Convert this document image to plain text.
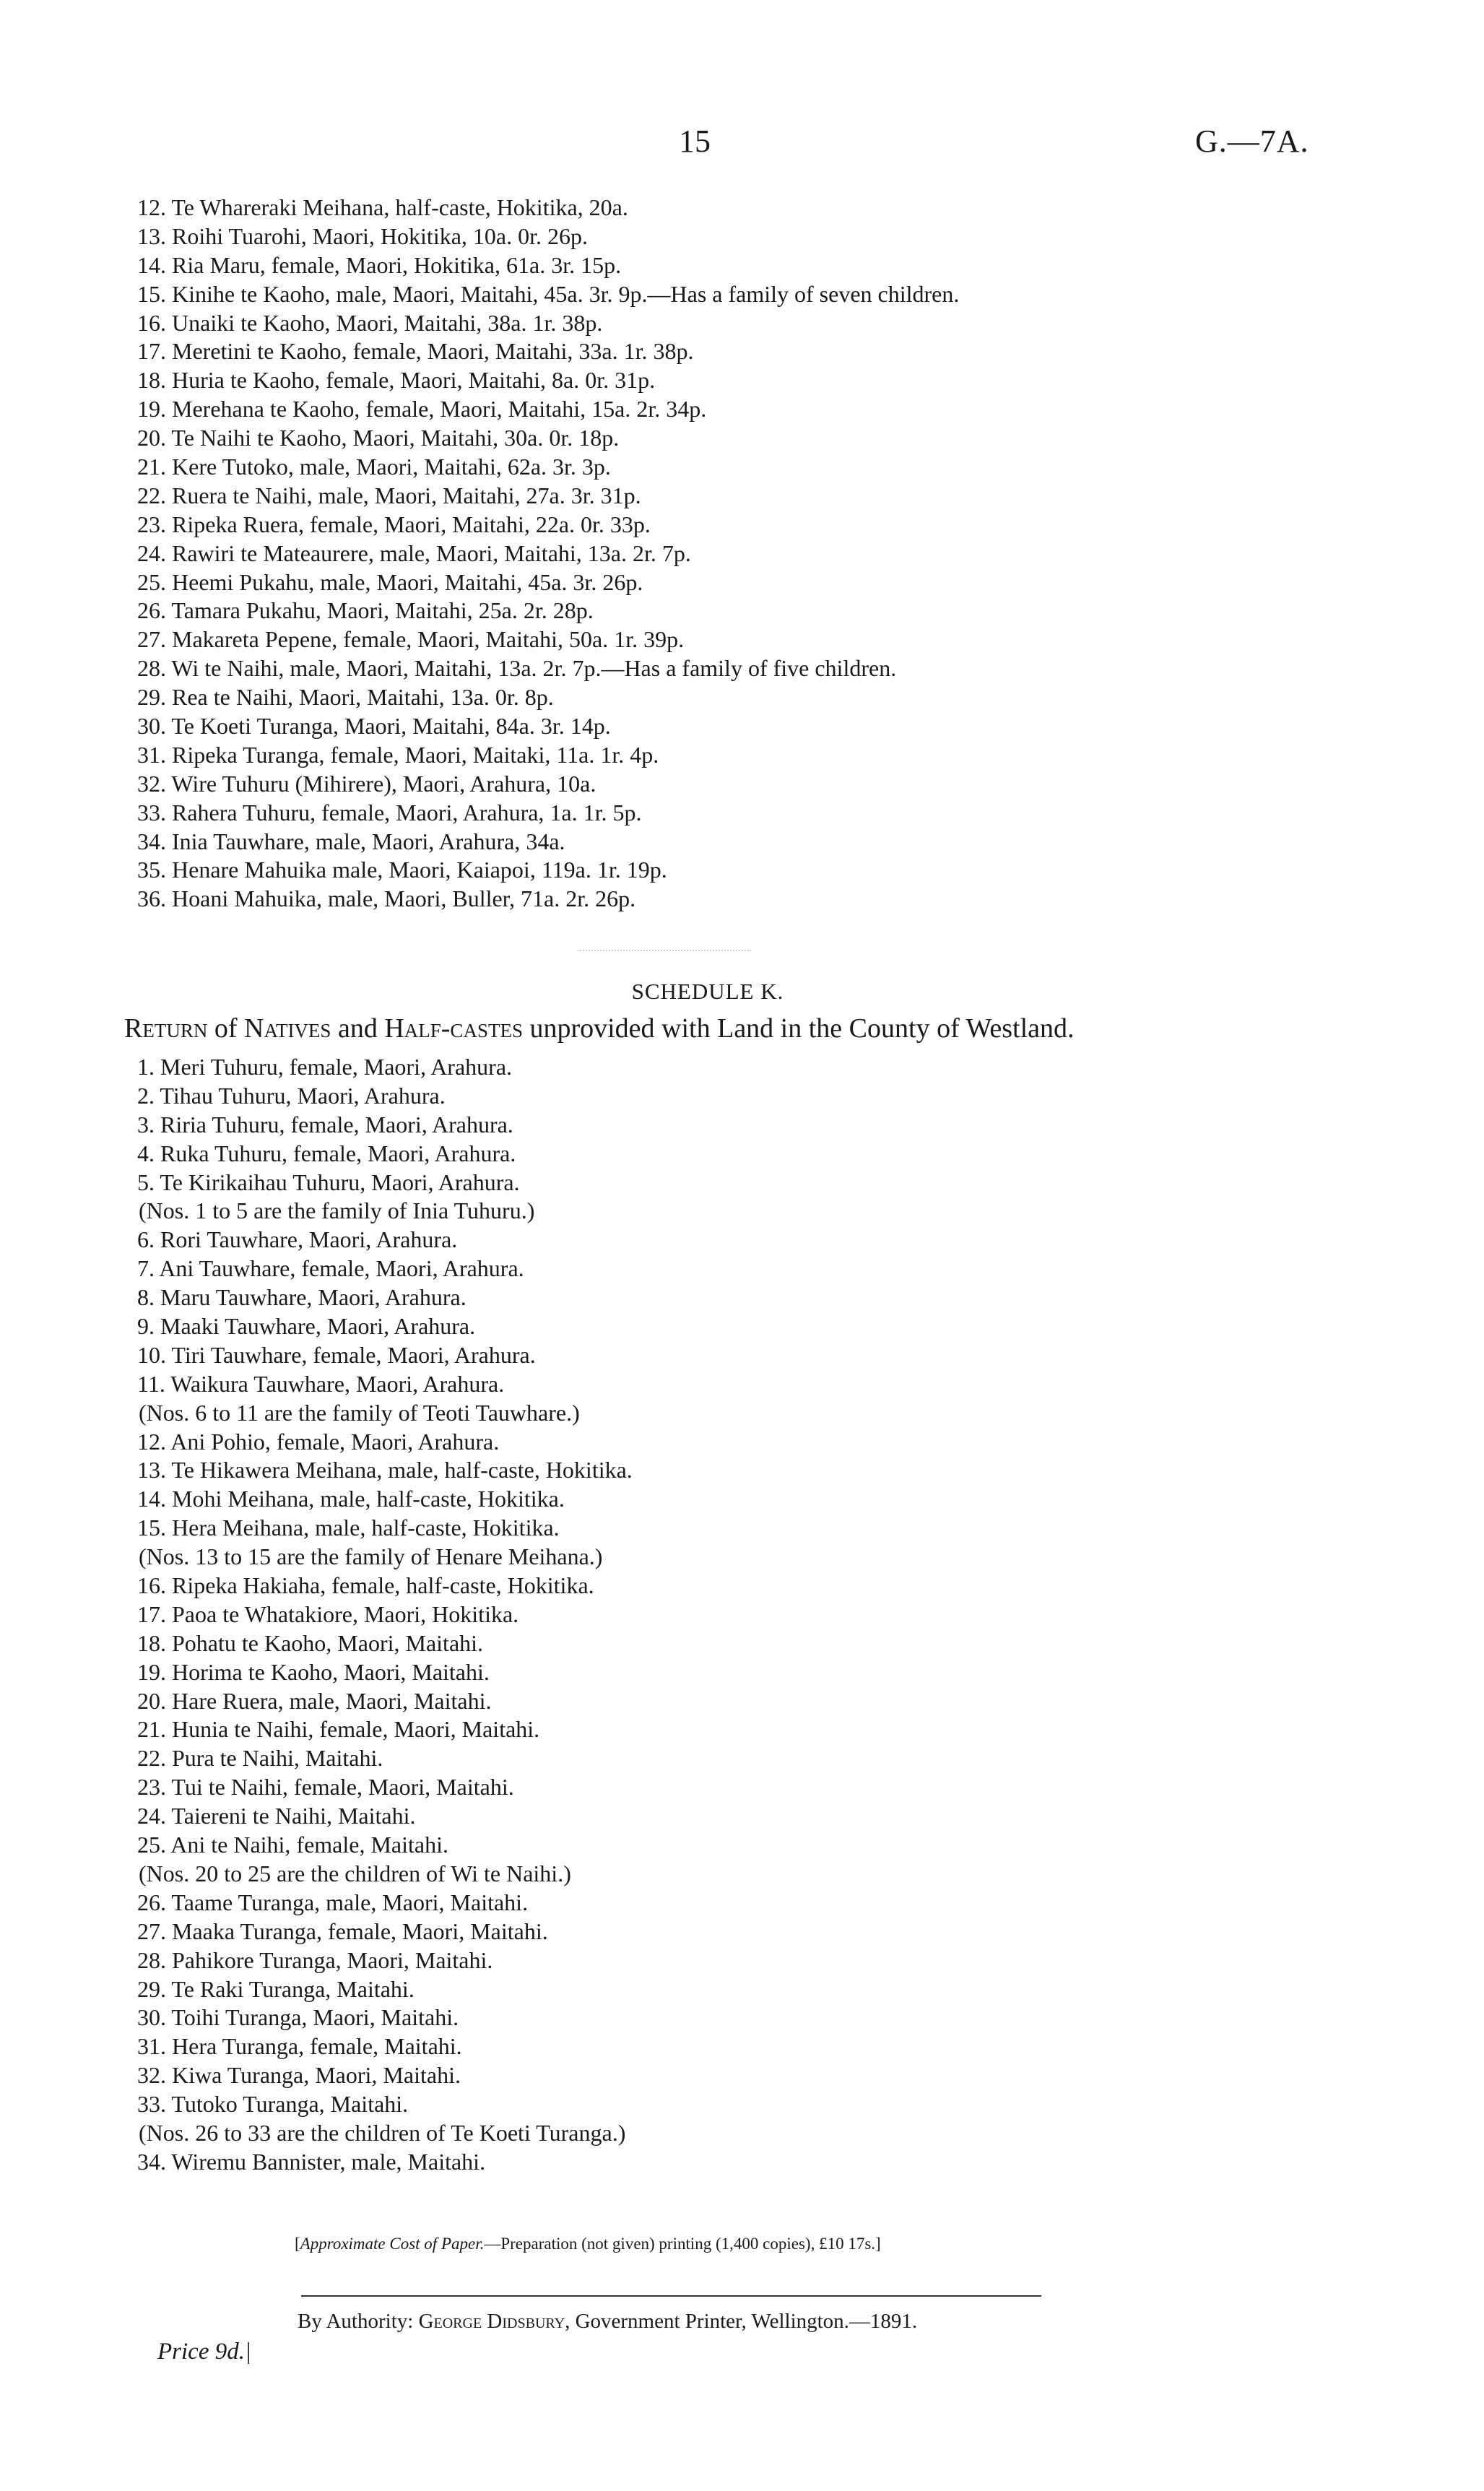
15	G.—7A.
12. Te Whareraki Meihana, half-caste, Hokitika, 20a.
13. Roihi Tuarohi, Maori, Hokitika, 10a. 0r. 26p.
14. Ria Maru, female, Maori, Hokitika, 61a. 3r. 15p.
15. Kinihe te Kaoho, male, Maori, Maitahi, 45a. 3r. 9p.—Has a family of seven children.
16. Unaiki te Kaoho, Maori, Maitahi, 38a. 1r. 38p.
17. Meretini te Kaoho, female, Maori, Maitahi, 33a. 1r. 38p.
18. Huria te Kaoho, female, Maori, Maitahi, 8a. 0r. 31p.
19. Merehana te Kaoho, female, Maori, Maitahi, 15a. 2r. 34p.
20. Te Naihi te Kaoho, Maori, Maitahi, 30a. 0r. 18p.
21. Kere Tutoko, male, Maori, Maitahi, 62a. 3r. 3p.
22. Ruera te Naihi, male, Maori, Maitahi, 27a. 3r. 31p.
23. Ripeka Ruera, female, Maori, Maitahi, 22a. 0r. 33p.
24. Rawiri te Mateaurere, male, Maori, Maitahi, 13a. 2r. 7p.
25. Heemi Pukahu, male, Maori, Maitahi, 45a. 3r. 26p.
26. Tamara Pukahu, Maori, Maitahi, 25a. 2r. 28p.
27. Makareta Pepene, female, Maori, Maitahi, 50a. 1r. 39p.
28. Wi te Naihi, male, Maori, Maitahi, 13a. 2r. 7p.—Has a family of five children.
29. Rea te Naihi, Maori, Maitahi, 13a. 0r. 8p.
30. Te Koeti Turanga, Maori, Maitahi, 84a. 3r. 14p.
31. Ripeka Turanga, female, Maori, Maitaki, 11a. 1r. 4p.
32. Wire Tuhuru (Mihirere), Maori, Arahura, 10a.
33. Rahera Tuhuru, female, Maori, Arahura, 1a. 1r. 5p.
34. Inia Tauwhare, male, Maori, Arahura, 34a.
35. Henare Mahuika male, Maori, Kaiapoi, 119a. 1r. 19p.
36. Hoani Mahuika, male, Maori, Buller, 71a. 2r. 26p.
SCHEDULE K.
Return of Natives and Half-castes unprovided with Land in the County of Westland.
1. Meri Tuhuru, female, Maori, Arahura.
2. Tihau Tuhuru, Maori, Arahura.
3. Riria Tuhuru, female, Maori, Arahura.
4. Ruka Tuhuru, female, Maori, Arahura.
5. Te Kirikaihau Tuhuru, Maori, Arahura.
(Nos. 1 to 5 are the family of Inia Tuhuru.)
6. Rori Tauwhare, Maori, Arahura.
7. Ani Tauwhare, female, Maori, Arahura.
8. Maru Tauwhare, Maori, Arahura.
9. Maaki Tauwhare, Maori, Arahura.
10. Tiri Tauwhare, female, Maori, Arahura.
11. Waikura Tauwhare, Maori, Arahura.
(Nos. 6 to 11 are the family of Teoti Tauwhare.)
12. Ani Pohio, female, Maori, Arahura.
13. Te Hikawera Meihana, male, half-caste, Hokitika.
14. Mohi Meihana, male, half-caste, Hokitika.
15. Hera Meihana, male, half-caste, Hokitika.
(Nos. 13 to 15 are the family of Henare Meihana.)
16. Ripeka Hakiaha, female, half-caste, Hokitika.
17. Paoa te Whatakiore, Maori, Hokitika.
18. Pohatu te Kaoho, Maori, Maitahi.
19. Horima te Kaoho, Maori, Maitahi.
20. Hare Ruera, male, Maori, Maitahi.
21. Hunia te Naihi, female, Maori, Maitahi.
22. Pura te Naihi, Maitahi.
23. Tui te Naihi, female, Maori, Maitahi.
24. Taiereni te Naihi, Maitahi.
25. Ani te Naihi, female, Maitahi.
(Nos. 20 to 25 are the children of Wi te Naihi.)
26. Taame Turanga, male, Maori, Maitahi.
27. Maaka Turanga, female, Maori, Maitahi.
28. Pahikore Turanga, Maori, Maitahi.
29. Te Raki Turanga, Maitahi.
30. Toihi Turanga, Maori, Maitahi.
31. Hera Turanga, female, Maitahi.
32. Kiwa Turanga, Maori, Maitahi.
33. Tutoko Turanga, Maitahi.
(Nos. 26 to 33 are the children of Te Koeti Turanga.)
34. Wiremu Bannister, male, Maitahi.
[Approximate Cost of Paper.—Preparation (not given) printing (1,400 copies), £10 17s.]
By Authority: George Didsbury, Government Printer, Wellington.—1891.
Price 9d.|
